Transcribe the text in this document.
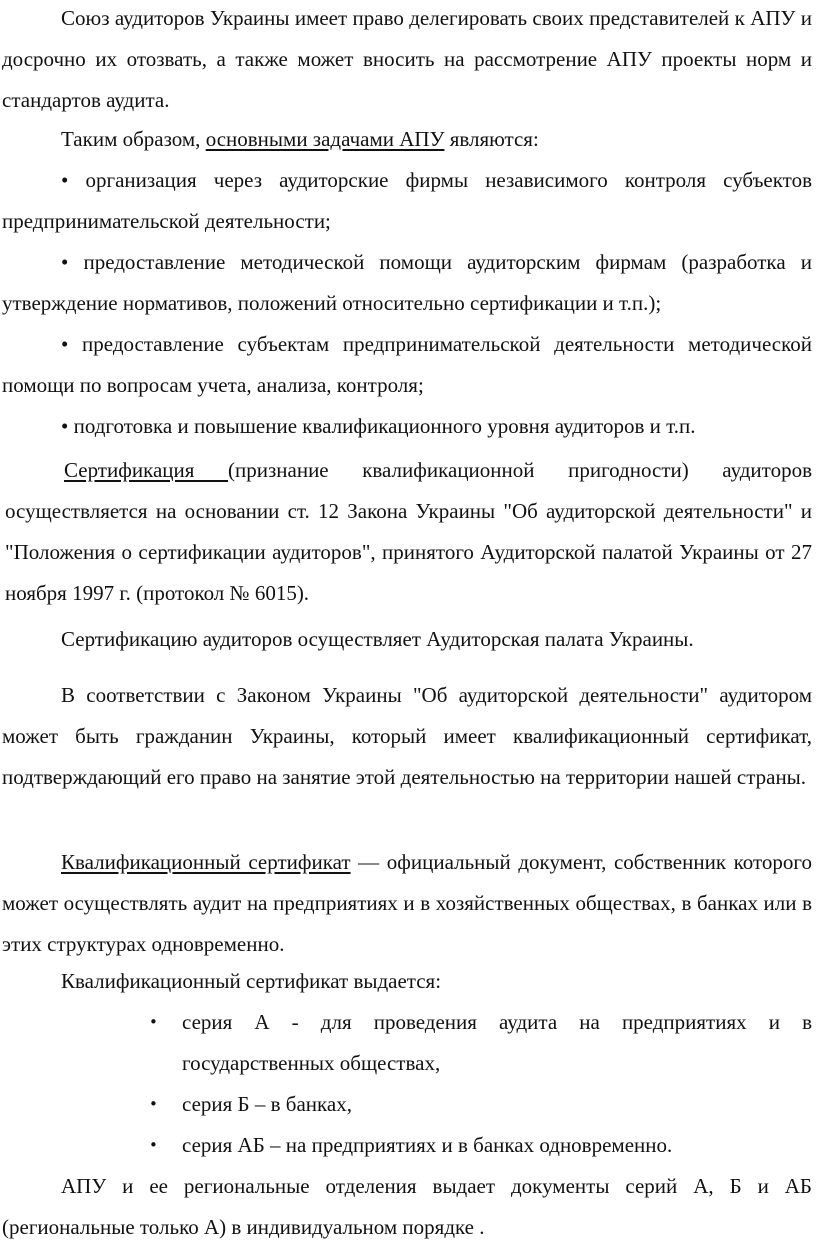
Союз аудиторов Украины имеет право делегировать своих представителей к АПУ и досрочно их отозвать, а также может вносить на рассмотрение АПУ проекты норм и стандартов аудита.

Таким образом, основными задачами АПУ являются:

• организация через аудиторские фирмы независимого контроля субъектов предпринимательской деятельности;

• предоставление методической помощи аудиторским фирмам (разработка и утверждение нормативов, положений относительно сертификации и т.п.);

• предоставление субъектам предпринимательской деятельности методической помощи по вопросам учета, анализа, контроля;

• подготовка и повышение квалификационного уровня аудиторов и т.п.

Сертификация (признание квалификационной пригодности) аудиторов осуществляется на основании ст. 12 Закона Украины "Об аудиторской деятельности" и "Положения о сертификации аудиторов", принятого Аудиторской палатой Украины от 27 ноября 1997 г. (протокол № 6015).

Сертификацию аудиторов осуществляет Аудиторская палата Украины.

В соответствии с Законом Украины "Об аудиторской деятельности" аудитором может быть гражданин Украины, который имеет квалификационный сертификат, подтверждающий его право на занятие этой деятельностью на территории нашей страны.

Квалификационный сертификат — официальный документ, собственник которого может осуществлять аудит на предприятиях и в хозяйственных обществах, в банках или в этих структурах одновременно.

Квалификационный сертификат выдается:

• серия А - для проведения аудита на предприятиях и в государственных обществах,
• серия Б – в банках,
• серия АБ – на предприятиях и в банках одновременно.

АПУ и ее региональные отделения выдает документы серий А, Б и АБ (региональные только А) в индивидуальном порядке .
